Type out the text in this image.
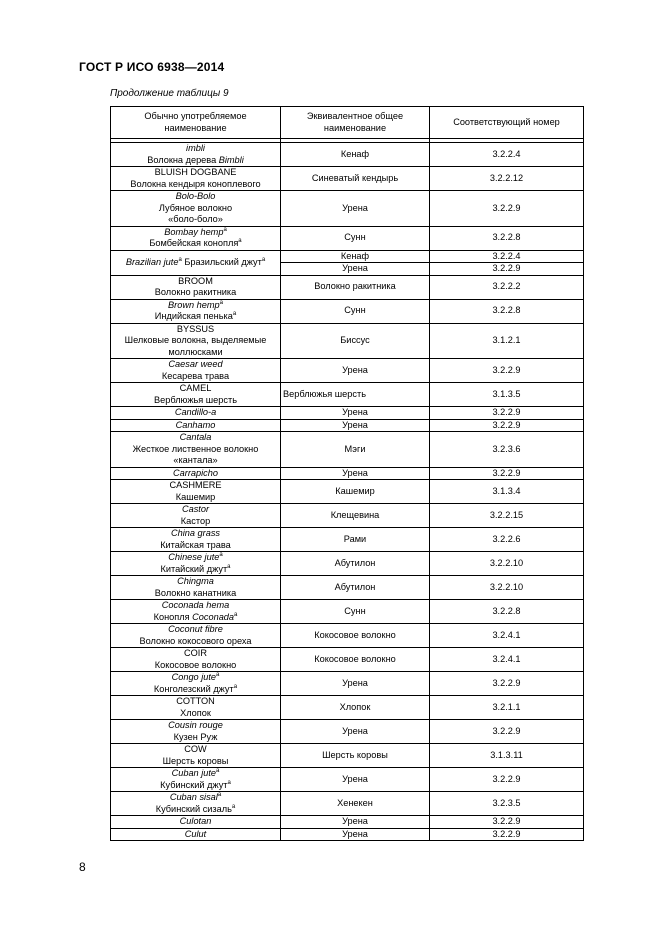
ГОСТ Р ИСО 6938—2014
Продолжение таблицы 9
Обычно употребляемое наименование	Эквивалентное общее наименование	Соответствующий номер

imbli
Волокна дерева Bimbli	Кенаф	3.2.2.4

BLUISH DOGBANE
Волокна кендыря коноплевого	Синеватый кендырь	3.2.2.12

Bolo-Bolo
Лубяное волокно
«боло-боло»	Урена	3.2.2.9

Bombay hemp$^a$
Бомбейская конопля$^a$	Сунн	3.2.2.8

Brazilian jute$^a$ Бразильский джут$^a$	Кенаф	3.2.2.4
	Урена	3.2.2.9

BROOM
Волокно ракитника	Волокно ракитника	3.2.2.2

Brown hemp$^a$
Индийская пенька$^a$	Сунн	3.2.2.8

BYSSUS
Шелковые волокна, выделяемые
моллюсками	Биссус	3.1.2.1

Caesar weed
Кесарева трава	Урена	3.2.2.9

CAMEL
Верблюжья шерсть	Верблюжья шерсть	3.1.3.5

Candillo-a	Урена	3.2.2.9

Canhamo	Урена	3.2.2.9

Cantala
Жесткое лиственное волокно
«кантала»	Мэги	3.2.3.6

Carrapicho	Урена	3.2.2.9

CASHMERE
Кашемир	Кашемир	3.1.3.4

Castor
Кастор	Клещевина	3.2.2.15

China grass
Китайская трава	Рами	3.2.2.6

Chinese jute$^a$
Китайский джут$^a$	Абутилон	3.2.2.10

Chingma
Волокно канатника	Абутилон	3.2.2.10

Coconada hema
Конопля Coconada$^a$	Сунн	3.2.2.8

Coconut fibre
Волокно кокосового ореха	Кокосовое волокно	3.2.4.1

COIR
Кокосовое волокно	Кокосовое волокно	3.2.4.1

Congo jute$^a$
Конголезский джут$^a$	Урена	3.2.2.9

COTTON
Хлопок	Хлопок	3.2.1.1

Cousin rouge
Кузен Руж	Урена	3.2.2.9

COW
Шерсть коровы	Шерсть коровы	3.1.3.11

Cuban jute$^a$
Кубинский джут$^a$	Урена	3.2.2.9

Cuban sisal$^a$
Кубинский сизаль$^a$	Хенекен	3.2.3.5

Culotan	Урена	3.2.2.9

Culut	Урена	3.2.2.9
8
